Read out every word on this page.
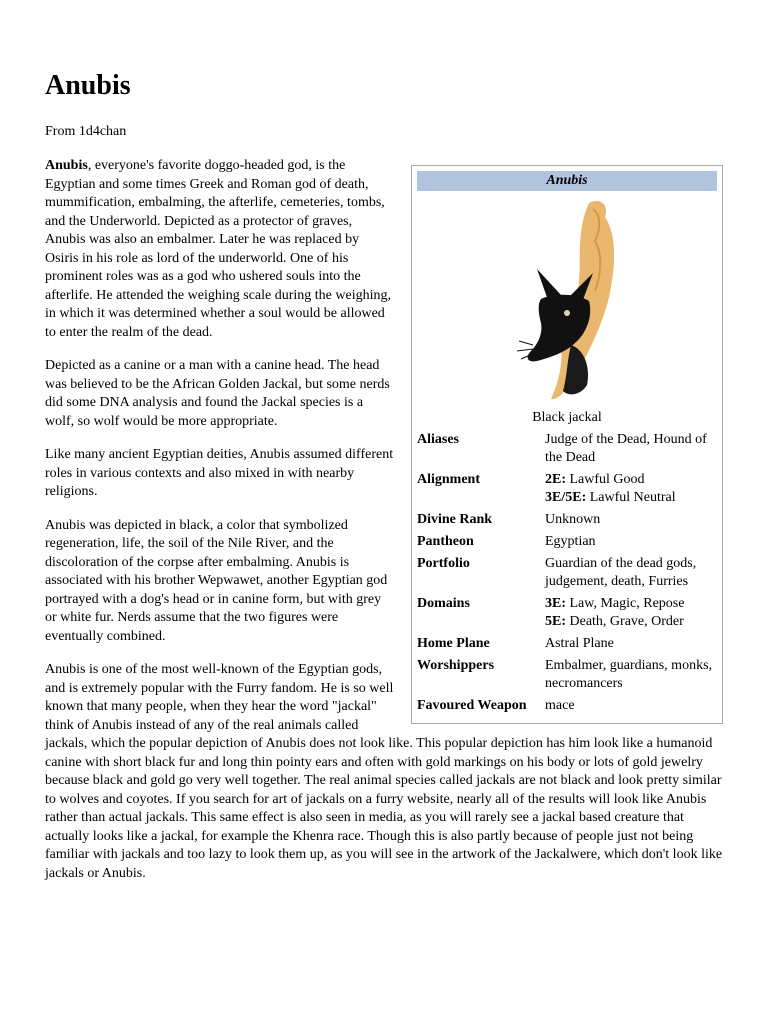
Anubis

From 1d4chan

Anubis
Black jackal
Aliases	Judge of the Dead, Hound of the Dead
Alignment	2E: Lawful Good
3E/5E: Lawful Neutral
Divine Rank	Unknown
Pantheon	Egyptian
Portfolio	Guardian of the dead gods, judgement, death, Furries
Domains	3E: Law, Magic, Repose
5E: Death, Grave, Order
Home Plane	Astral Plane
Worshippers	Embalmer, guardians, monks, necromancers
Favoured Weapon	mace

Anubis, everyone's favorite doggo-headed god, is the Egyptian and some times Greek and Roman god of death, mummification, embalming, the afterlife, cemeteries, tombs, and the Underworld. Depicted as a protector of graves, Anubis was also an embalmer. Later he was replaced by Osiris in his role as lord of the underworld. One of his prominent roles was as a god who ushered souls into the afterlife. He attended the weighing scale during the weighing, in which it was determined whether a soul would be allowed to enter the realm of the dead.

Depicted as a canine or a man with a canine head. The head was believed to be the African Golden Jackal, but some nerds did some DNA analysis and found the Jackal species is a wolf, so wolf would be more appropriate.

Like many ancient Egyptian deities, Anubis assumed different roles in various contexts and also mixed in with nearby religions.

Anubis was depicted in black, a color that symbolized regeneration, life, the soil of the Nile River, and the discoloration of the corpse after embalming. Anubis is associated with his brother Wepwawet, another Egyptian god portrayed with a dog's head or in canine form, but with grey or white fur. Nerds assume that the two figures were eventually combined.

Anubis is one of the most well-known of the Egyptian gods, and is extremely popular with the Furry fandom. He is so well known that many people, when they hear the word "jackal" think of Anubis instead of any of the real animals called jackals, which the popular depiction of Anubis does not look like. This popular depiction has him look like a humanoid canine with short black fur and long thin pointy ears and often with gold markings on his body or lots of gold jewelry because black and gold go very well together. The real animal species called jackals are not black and look pretty similar to wolves and coyotes. If you search for art of jackals on a furry website, nearly all of the results will look like Anubis rather than actual jackals. This same effect is also seen in media, as you will rarely see a jackal based creature that actually looks like a jackal, for example the Khenra race. Though this is also partly because of people just not being familiar with jackals and too lazy to look them up, as you will see in the artwork of the Jackalwere, which don't look like jackals or Anubis.
